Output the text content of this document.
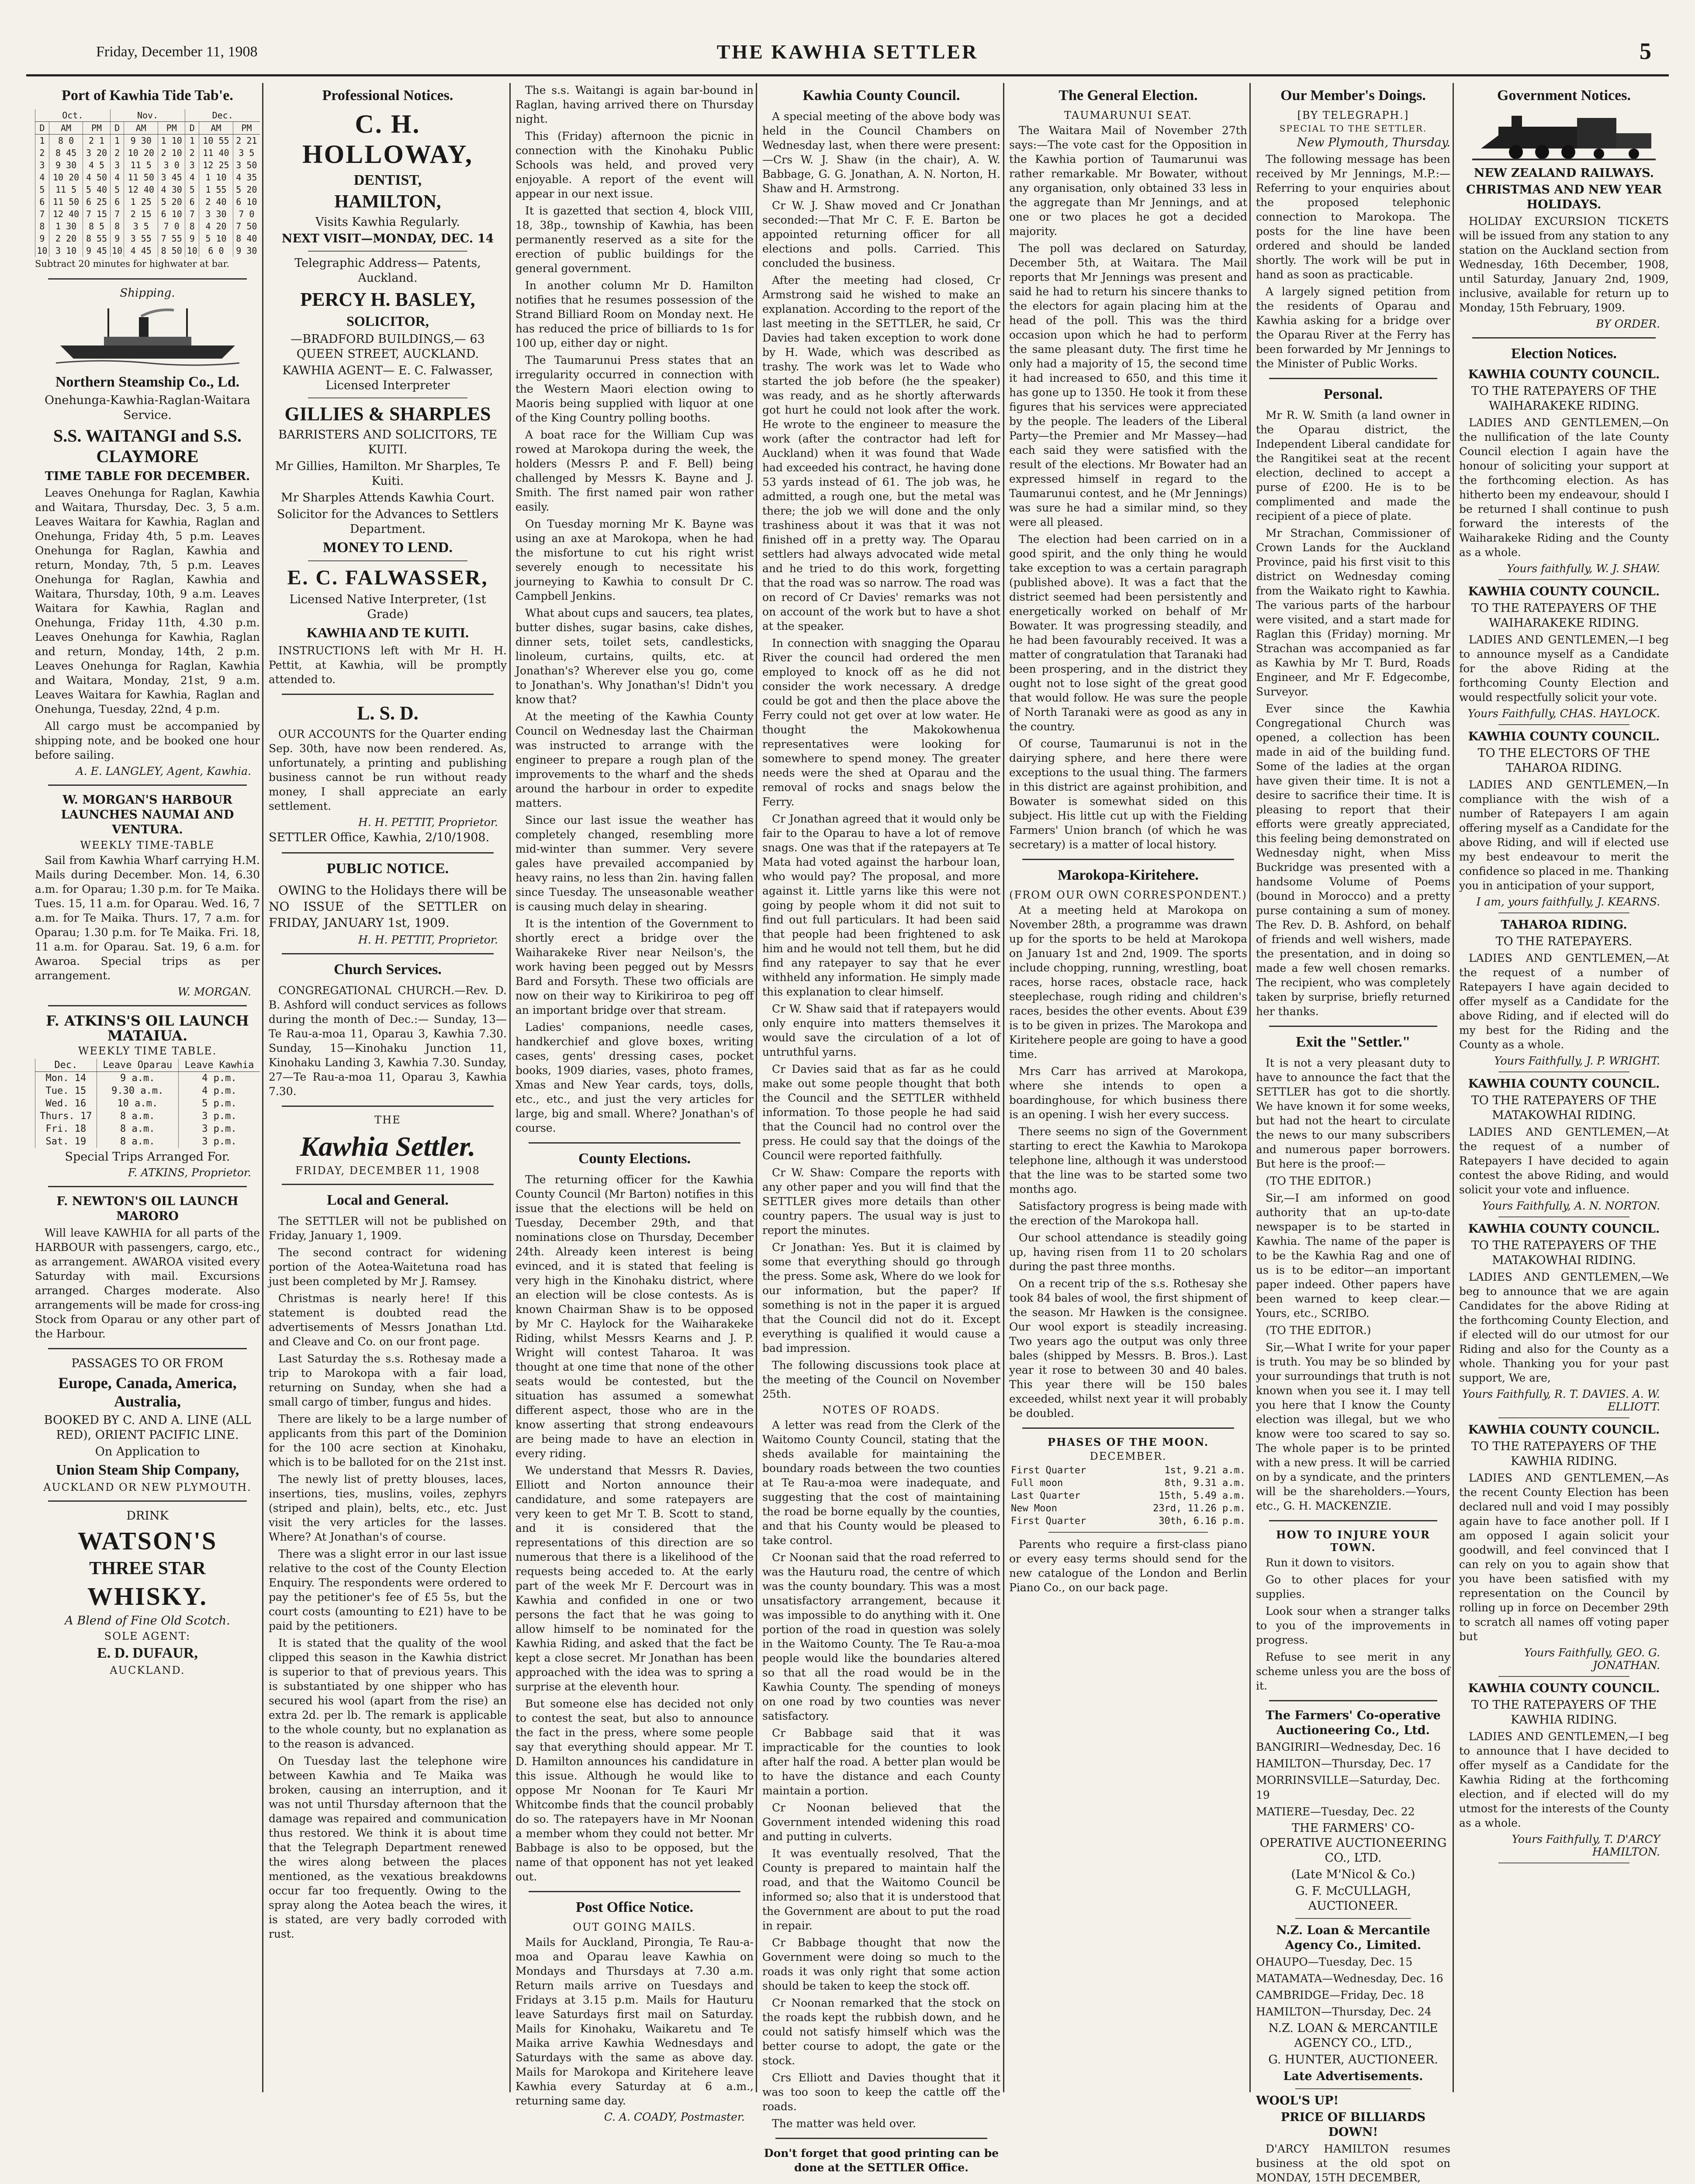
Friday, December 11, 1908	THE KAWHIA SETTLER	5
Port of Kawhia Tide Tab'e.
Oct.			Nov.			Dec.		
D	AM	PM	D	AM	PM	D	AM	PM
1	8 0	2 1	1	9 30	1 10	1	10 55	2 21
2	8 45	3 20	2	10 20	2 10	2	11 40	3 5
3	9 30	4 5	3	11 5	3 0	3	12 25	3 50
4	10 20	4 50	4	11 50	3 45	4	1 10	4 35
5	11 5	5 40	5	12 40	4 30	5	1 55	5 20
6	11 50	6 25	6	1 25	5 20	6	2 40	6 10
7	12 40	7 15	7	2 15	6 10	7	3 30	7 0
8	1 30	8 5	8	3 5	7 0	8	4 20	7 50
9	2 20	8 55	9	3 55	7 55	9	5 10	8 40
10	3 10	9 45	10	4 45	8 50	10	6 0	9 30

Subtract 20 minutes for highwater at bar.

Shipping.
Northern Steamship Co., Ld.
Onehunga-Kawhia-Raglan-Waitara Service.
S.S. WAITANGI and S.S. CLAYMORE
TIME TABLE FOR DECEMBER.

Leaves Onehunga for Raglan, Kawhia and Waitara, Thursday, Dec. 3, 5 a.m. Leaves Waitara for Kawhia, Raglan and Onehunga, Friday 4th, 5 p.m. Leaves Onehunga for Raglan, Kawhia and return, Monday, 7th, 5 p.m. Leaves Onehunga for Raglan, Kawhia and Waitara, Thursday, 10th, 9 a.m. Leaves Waitara for Kawhia, Raglan and Onehunga, Friday 11th, 4.30 p.m. Leaves Onehunga for Kawhia, Raglan and return, Monday, 14th, 2 p.m. Leaves Onehunga for Raglan, Kawhia and Waitara, Monday, 21st, 9 a.m. Leaves Waitara for Kawhia, Raglan and Onehunga, Tuesday, 22nd, 4 p.m.

All cargo must be accompanied by shipping note, and be booked one hour before sailing.

A. E. LANGLEY, Agent, Kawhia.
W. MORGAN'S HARBOUR LAUNCHES NAUMAI AND VENTURA.
WEEKLY TIME-TABLE

Sail from Kawhia Wharf carrying H.M. Mails during December. Mon. 14, 6.30 a.m. for Oparau; 1.30 p.m. for Te Maika. Tues. 15, 11 a.m. for Oparau. Wed. 16, 7 a.m. for Te Maika. Thurs. 17, 7 a.m. for Oparau; 1.30 p.m. for Te Maika. Fri. 18, 11 a.m. for Oparau. Sat. 19, 6 a.m. for Awaroa. Special trips as per arrangement.

W. MORGAN.
F. ATKINS'S OIL LAUNCH MATAIUA.
WEEKLY TIME TABLE.
Dec.	Leave Oparau	Leave Kawhia
Mon. 14	9 a.m.	4 p.m.
Tue. 15	9.30 a.m.	4 p.m.
Wed. 16	10 a.m.	5 p.m.
Thurs. 17	8 a.m.	3 p.m.
Fri. 18	8 a.m.	3 p.m.
Sat. 19	8 a.m.	3 p.m.
Special Trips Arranged For.
F. ATKINS, Proprietor.
F. NEWTON'S OIL LAUNCH MARORO

Will leave KAWHIA for all parts of the HARBOUR with passengers, cargo, etc., as arrangement. AWAROA visited every Saturday with mail. Excursions arranged. Charges moderate. Also arrangements will be made for cross-ing Stock from Oparau or any other part of the Harbour.

PASSAGES TO OR FROM
Europe, Canada, America, Australia,
BOOKED BY C. AND A. LINE (ALL RED), ORIENT PACIFIC LINE.
On Application to
Union Steam Ship Company,
AUCKLAND OR NEW PLYMOUTH.
DRINK
WATSON'S
THREE STAR
WHISKY.
A Blend of Fine Old Scotch.
SOLE AGENT:
E. D. DUFAUR,
AUCKLAND.
Professional Notices.
C. H. HOLLOWAY,
DENTIST,
HAMILTON,
Visits Kawhia Regularly.
NEXT VISIT—MONDAY, DEC. 14
Telegraphic Address— Patents, Auckland.
PERCY H. BASLEY,
SOLICITOR,
—BRADFORD BUILDINGS,— 63 QUEEN STREET, AUCKLAND.
KAWHIA AGENT— E. C. Falwasser, Licensed Interpreter
GILLIES & SHARPLES
BARRISTERS AND SOLICITORS, TE KUITI.
Mr Gillies, Hamilton. Mr Sharples, Te Kuiti.
Mr Sharples Attends Kawhia Court.
Solicitor for the Advances to Settlers Department.
MONEY TO LEND.
E. C. FALWASSER,
Licensed Native Interpreter, (1st Grade)
KAWHIA AND TE KUITI.

INSTRUCTIONS left with Mr H. H. Pettit, at Kawhia, will be promptly attended to.

L. S. D.

OUR ACCOUNTS for the Quarter ending Sep. 30th, have now been rendered. As, unfortunately, a printing and publishing business cannot be run without ready money, I shall appreciate an early settlement.

H. H. PETTIT, Proprietor.
SETTLER Office, Kawhia, 2/10/1908.
PUBLIC NOTICE.

OWING to the Holidays there will be NO ISSUE of the SETTLER on FRIDAY, JANUARY 1st, 1909.

H. H. PETTIT, Proprietor.
Church Services.

CONGREGATIONAL CHURCH.—Rev. D. B. Ashford will conduct services as follows during the month of Dec.:— Sunday, 13—Te Rau-a-moa 11, Oparau 3, Kawhia 7.30. Sunday, 15—Kinohaku Junction 11, Kinohaku Landing 3, Kawhia 7.30. Sunday, 27—Te Rau-a-moa 11, Oparau 3, Kawhia 7.30.

THE
Kawhia Settler.
FRIDAY, DECEMBER 11, 1908
Local and General.

The SETTLER will not be published on Friday, January 1, 1909.

The second contract for widening portion of the Aotea-Waitetuna road has just been completed by Mr J. Ramsey.

Christmas is nearly here! If this statement is doubted read the advertisements of Messrs Jonathan Ltd. and Cleave and Co. on our front page.

Last Saturday the s.s. Rothesay made a trip to Marokopa with a fair load, returning on Sunday, when she had a small cargo of timber, fungus and hides.

There are likely to be a large number of applicants from this part of the Dominion for the 100 acre section at Kinohaku, which is to be balloted for on the 21st inst.

The newly list of pretty blouses, laces, insertions, ties, muslins, voiles, zephyrs (striped and plain), belts, etc., etc. Just visit the very articles for the lasses. Where? At Jonathan's of course.

There was a slight error in our last issue relative to the cost of the County Election Enquiry. The respondents were ordered to pay the petitioner's fee of £5 5s, but the court costs (amounting to £21) have to be paid by the petitioners.

It is stated that the quality of the wool clipped this season in the Kawhia district is superior to that of previous years. This is substantiated by one shipper who has secured his wool (apart from the rise) an extra 2d. per lb. The remark is applicable to the whole county, but no explanation as to the reason is advanced.

On Tuesday last the telephone wire between Kawhia and Te Maika was broken, causing an interruption, and it was not until Thursday afternoon that the damage was repaired and communication thus restored. We think it is about time that the Telegraph Department renewed the wires along between the places mentioned, as the vexatious breakdowns occur far too frequently. Owing to the spray along the Aotea beach the wires, it is stated, are very badly corroded with rust.

The s.s. Waitangi is again bar-bound in Raglan, having arrived there on Thursday night.

This (Friday) afternoon the picnic in connection with the Kinohaku Public Schools was held, and proved very enjoyable. A report of the event will appear in our next issue.

It is gazetted that section 4, block VIII, 18, 38p., township of Kawhia, has been permanently reserved as a site for the erection of public buildings for the general government.

In another column Mr D. Hamilton notifies that he resumes possession of the Strand Billiard Room on Monday next. He has reduced the price of billiards to 1s for 100 up, either day or night.

The Taumarunui Press states that an irregularity occurred in connection with the Western Maori election owing to Maoris being supplied with liquor at one of the King Country polling booths.

A boat race for the William Cup was rowed at Marokopa during the week, the holders (Messrs P. and F. Bell) being challenged by Messrs K. Bayne and J. Smith. The first named pair won rather easily.

On Tuesday morning Mr K. Bayne was using an axe at Marokopa, when he had the misfortune to cut his right wrist severely enough to necessitate his journeying to Kawhia to consult Dr C. Campbell Jenkins.

What about cups and saucers, tea plates, butter dishes, sugar basins, cake dishes, dinner sets, toilet sets, candlesticks, linoleum, curtains, quilts, etc. at Jonathan's? Wherever else you go, come to Jonathan's. Why Jonathan's! Didn't you know that?

At the meeting of the Kawhia County Council on Wednesday last the Chairman was instructed to arrange with the engineer to prepare a rough plan of the improvements to the wharf and the sheds around the harbour in order to expedite matters.

Since our last issue the weather has completely changed, resembling more mid-winter than summer. Very severe gales have prevailed accompanied by heavy rains, no less than 2in. having fallen since Tuesday. The unseasonable weather is causing much delay in shearing.

It is the intention of the Government to shortly erect a bridge over the Waiharakeke River near Neilson's, the work having been pegged out by Messrs Bard and Forsyth. These two officials are now on their way to Kirikiriroa to peg off an important bridge over that stream.

Ladies' companions, needle cases, handkerchief and glove boxes, writing cases, gents' dressing cases, pocket books, 1909 diaries, vases, photo frames, Xmas and New Year cards, toys, dolls, etc., etc., and just the very articles for large, big and small. Where? Jonathan's of course.

County Elections.

The returning officer for the Kawhia County Council (Mr Barton) notifies in this issue that the elections will be held on Tuesday, December 29th, and that nominations close on Thursday, December 24th. Already keen interest is being evinced, and it is stated that feeling is very high in the Kinohaku district, where an election will be close contests. As is known Chairman Shaw is to be opposed by Mr C. Haylock for the Waiharakeke Riding, whilst Messrs Kearns and J. P. Wright will contest Taharoa. It was thought at one time that none of the other seats would be contested, but the situation has assumed a somewhat different aspect, those who are in the know asserting that strong endeavours are being made to have an election in every riding.

We understand that Messrs R. Davies, Elliott and Norton announce their candidature, and some ratepayers are very keen to get Mr T. B. Scott to stand, and it is considered that the representations of this direction are so numerous that there is a likelihood of the requests being acceded to. At the early part of the week Mr F. Dercourt was in Kawhia and confided in one or two persons the fact that he was going to allow himself to be nominated for the Kawhia Riding, and asked that the fact be kept a close secret. Mr Jonathan has been approached with the idea was to spring a surprise at the eleventh hour.

But someone else has decided not only to contest the seat, but also to announce the fact in the press, where some people say that everything should appear. Mr T. D. Hamilton announces his candidature in this issue. Although he would like to oppose Mr Noonan for Te Kauri Mr Whitcombe finds that the council probably do so. The ratepayers have in Mr Noonan a member whom they could not better. Mr Babbage is also to be opposed, but the name of that opponent has not yet leaked out.

Post Office Notice.
OUT GOING MAILS.

Mails for Auckland, Pirongia, Te Rau-a-moa and Oparau leave Kawhia on Mondays and Thursdays at 7.30 a.m. Return mails arrive on Tuesdays and Fridays at 3.15 p.m. Mails for Hauturu leave Saturdays first mail on Saturday. Mails for Kinohaku, Waikaretu and Te Maika arrive Kawhia Wednesdays and Saturdays with the same as above day. Mails for Marokopa and Kiritehere leave Kawhia every Saturday at 6 a.m., returning same day.

C. A. COADY, Postmaster.
Kawhia County Council.

A special meeting of the above body was held in the Council Chambers on Wednesday last, when there were present:—Crs W. J. Shaw (in the chair), A. W. Babbage, G. G. Jonathan, A. N. Norton, H. Shaw and H. Armstrong.

Cr W. J. Shaw moved and Cr Jonathan seconded:—That Mr C. F. E. Barton be appointed returning officer for all elections and polls. Carried. This concluded the business.

After the meeting had closed, Cr Armstrong said he wished to make an explanation. According to the report of the last meeting in the SETTLER, he said, Cr Davies had taken exception to work done by H. Wade, which was described as trashy. The work was let to Wade who started the job before (he the speaker) was ready, and as he shortly afterwards got hurt he could not look after the work. He wrote to the engineer to measure the work (after the contractor had left for Auckland) when it was found that Wade had exceeded his contract, he having done 53 yards instead of 61. The job was, he admitted, a rough one, but the metal was there; the job we will done and the only trashiness about it was that it was not finished off in a pretty way. The Oparau settlers had always advocated wide metal and he tried to do this work, forgetting that the road was so narrow. The road was on record of Cr Davies' remarks was not on account of the work but to have a shot at the speaker.

In connection with snagging the Oparau River the council had ordered the men employed to knock off as he did not consider the work necessary. A dredge could be got and then the place above the Ferry could not get over at low water. He thought the Makokowhenua representatives were looking for somewhere to spend money. The greater needs were the shed at Oparau and the removal of rocks and snags below the Ferry.

Cr Jonathan agreed that it would only be fair to the Oparau to have a lot of remove snags. One was that if the ratepayers at Te Mata had voted against the harbour loan, who would pay? The proposal, and more against it. Little yarns like this were not going by people whom it did not suit to find out full particulars. It had been said that people had been frightened to ask him and he would not tell them, but he did find any ratepayer to say that he ever withheld any information. He simply made this explanation to clear himself.

Cr W. Shaw said that if ratepayers would only enquire into matters themselves it would save the circulation of a lot of untruthful yarns.

Cr Davies said that as far as he could make out some people thought that both the Council and the SETTLER withheld information. To those people he had said that the Council had no control over the press. He could say that the doings of the Council were reported faithfully.

Cr W. Shaw: Compare the reports with any other paper and you will find that the SETTLER gives more details than other country papers. The usual way is just to report the minutes.

Cr Jonathan: Yes. But it is claimed by some that everything should go through the press. Some ask, Where do we look for our information, but the paper? If something is not in the paper it is argued that the Council did not do it. Except everything is qualified it would cause a bad impression.

The following discussions took place at the meeting of the Council on November 25th.

NOTES OF ROADS.

A letter was read from the Clerk of the Waitomo County Council, stating that the sheds available for maintaining the boundary roads between the two counties at Te Rau-a-moa were inadequate, and suggesting that the cost of maintaining the road be borne equally by the counties, and that his County would be pleased to take control.

Cr Noonan said that the road referred to was the Hauturu road, the centre of which was the county boundary. This was a most unsatisfactory arrangement, because it was impossible to do anything with it. One portion of the road in question was solely in the Waitomo County. The Te Rau-a-moa people would like the boundaries altered so that all the road would be in the Kawhia County. The spending of moneys on one road by two counties was never satisfactory.

Cr Babbage said that it was impracticable for the counties to look after half the road. A better plan would be to have the distance and each County maintain a portion.

Cr Noonan believed that the Government intended widening this road and putting in culverts.

It was eventually resolved, That the County is prepared to maintain half the road, and that the Waitomo Council be informed so; also that it is understood that the Government are about to put the road in repair.

Cr Babbage thought that now the Government were doing so much to the roads it was only right that some action should be taken to keep the stock off.

Cr Noonan remarked that the stock on the roads kept the rubbish down, and he could not satisfy himself which was the better course to adopt, the gate or the stock.

Crs Elliott and Davies thought that it was too soon to keep the cattle off the roads.

The matter was held over.

Don't forget that good printing can be done at the SETTLER Office.

The General Election.
TAUMARUNUI SEAT.

The Waitara Mail of November 27th says:—The vote cast for the Opposition in the Kawhia portion of Taumarunui was rather remarkable. Mr Bowater, without any organisation, only obtained 33 less in the aggregate than Mr Jennings, and at one or two places he got a decided majority.

The poll was declared on Saturday, December 5th, at Waitara. The Mail reports that Mr Jennings was present and said he had to return his sincere thanks to the electors for again placing him at the head of the poll. This was the third occasion upon which he had to perform the same pleasant duty. The first time he only had a majority of 15, the second time it had increased to 650, and this time it has gone up to 1350. He took it from these figures that his services were appreciated by the people. The leaders of the Liberal Party—the Premier and Mr Massey—had each said they were satisfied with the result of the elections. Mr Bowater had an expressed himself in regard to the Taumarunui contest, and he (Mr Jennings) was sure he had a similar mind, so they were all pleased.

The election had been carried on in a good spirit, and the only thing he would take exception to was a certain paragraph (published above). It was a fact that the district seemed had been persistently and energetically worked on behalf of Mr Bowater. It was progressing steadily, and he had been favourably received. It was a matter of congratulation that Taranaki had been prospering, and in the district they ought not to lose sight of the great good that would follow. He was sure the people of North Taranaki were as good as any in the country.

Of course, Taumarunui is not in the dairying sphere, and here there were exceptions to the usual thing. The farmers in this district are against prohibition, and Bowater is somewhat sided on this subject. His little cut up with the Fielding Farmers' Union branch (of which he was secretary) is a matter of local history.

Marokopa-Kiritehere.
(FROM OUR OWN CORRESPONDENT.)

At a meeting held at Marokopa on November 28th, a programme was drawn up for the sports to be held at Marokopa on January 1st and 2nd, 1909. The sports include chopping, running, wrestling, boat races, horse races, obstacle race, hack steeplechase, rough riding and children's races, besides the other events. About £39 is to be given in prizes. The Marokopa and Kiritehere people are going to have a good time.

Mrs Carr has arrived at Marokopa, where she intends to open a boardinghouse, for which business there is an opening. I wish her every success.

There seems no sign of the Government starting to erect the Kawhia to Marokopa telephone line, although it was understood that the line was to be started some two months ago.

Satisfactory progress is being made with the erection of the Marokopa hall.

Our school attendance is steadily going up, having risen from 11 to 20 scholars during the past three months.

On a recent trip of the s.s. Rothesay she took 84 bales of wool, the first shipment of the season. Mr Hawken is the consignee. Our wool export is steadily increasing. Two years ago the output was only three bales (shipped by Messrs. B. Bros.). Last year it rose to between 30 and 40 bales. This year there will be 150 bales exceeded, whilst next year it will probably be doubled.

PHASES OF THE MOON.
DECEMBER.
First Quarter	1st, 9.21 a.m.
Full moon	8th, 9.31 a.m.
Last Quarter	15th, 5.49 a.m.
New Moon	23rd, 11.26 p.m.
First Quarter	30th, 6.16 p.m.

Parents who require a first-class piano or every easy terms should send for the new catalogue of the London and Berlin Piano Co., on our back page.

Our Member's Doings.
[BY TELEGRAPH.]
SPECIAL TO THE SETTLER.
New Plymouth, Thursday.

The following message has been received by Mr Jennings, M.P.:—Referring to your enquiries about the proposed telephonic connection to Marokopa. The posts for the line have been ordered and should be landed shortly. The work will be put in hand as soon as practicable.

A largely signed petition from the residents of Oparau and Kawhia asking for a bridge over the Oparau River at the Ferry has been forwarded by Mr Jennings to the Minister of Public Works.

Personal.

Mr R. W. Smith (a land owner in the Oparau district, the Independent Liberal candidate for the Rangitikei seat at the recent election, declined to accept a purse of £200. He is to be complimented and made the recipient of a piece of plate.

Mr Strachan, Commissioner of Crown Lands for the Auckland Province, paid his first visit to this district on Wednesday coming from the Waikato right to Kawhia. The various parts of the harbour were visited, and a start made for Raglan this (Friday) morning. Mr Strachan was accompanied as far as Kawhia by Mr T. Burd, Roads Engineer, and Mr F. Edgecombe, Surveyor.

Ever since the Kawhia Congregational Church was opened, a collection has been made in aid of the building fund. Some of the ladies at the organ have given their time. It is not a desire to sacrifice their time. It is pleasing to report that their efforts were greatly appreciated, this feeling being demonstrated on Wednesday night, when Miss Buckridge was presented with a handsome Volume of Poems (bound in Morocco) and a pretty purse containing a sum of money. The Rev. D. B. Ashford, on behalf of friends and well wishers, made the presentation, and in doing so made a few well chosen remarks. The recipient, who was completely taken by surprise, briefly returned her thanks.

Exit the "Settler."

It is not a very pleasant duty to have to announce the fact that the SETTLER has got to die shortly. We have known it for some weeks, but had not the heart to circulate the news to our many subscribers and numerous paper borrowers. But here is the proof:—

(TO THE EDITOR.)

Sir,—I am informed on good authority that an up-to-date newspaper is to be started in Kawhia. The name of the paper is to be the Kawhia Rag and one of us is to be editor—an important paper indeed. Other papers have been warned to keep clear.—Yours, etc., SCRIBO.

(TO THE EDITOR.)

Sir,—What I write for your paper is truth. You may be so blinded by your surroundings that truth is not known when you see it. I may tell you here that I know the County election was illegal, but we who know were too scared to say so. The whole paper is to be printed with a new press. It will be carried on by a syndicate, and the printers will be the shareholders.—Yours, etc., G. H. MACKENZIE.

HOW TO INJURE YOUR TOWN.

Run it down to visitors.

Go to other places for your supplies.

Look sour when a stranger talks to you of the improvements in progress.

Refuse to see merit in any scheme unless you are the boss of it.

The Farmers' Co-operative Auctioneering Co., Ltd.
BANGIRIRI—Wednesday, Dec. 16
HAMILTON—Thursday, Dec. 17
MORRINSVILLE—Saturday, Dec. 19
MATIERE—Tuesday, Dec. 22
THE FARMERS' CO-OPERATIVE AUCTIONEERING CO., LTD.
(Late M'Nicol & Co.)
G. F. McCULLAGH, AUCTIONEER.
N.Z. Loan & Mercantile Agency Co., Limited.
OHAUPO—Tuesday, Dec. 15
MATAMATA—Wednesday, Dec. 16
CAMBRIDGE—Friday, Dec. 18
HAMILTON—Thursday, Dec. 24
N.Z. LOAN & MERCANTILE AGENCY CO., LTD.,
G. HUNTER, AUCTIONEER.
Late Advertisements.
WOOL'S UP!
PRICE OF BILLIARDS DOWN!

D'ARCY HAMILTON resumes business at the old spot on MONDAY, 15TH DECEMBER,

Government Notices.
NEW ZEALAND RAILWAYS.
CHRISTMAS AND NEW YEAR HOLIDAYS.

HOLIDAY EXCURSION TICKETS will be issued from any station to any station on the Auckland section from Wednesday, 16th December, 1908, until Saturday, January 2nd, 1909, inclusive, available for return up to Monday, 15th February, 1909.

BY ORDER.
Election Notices.
KAWHIA COUNTY COUNCIL.
TO THE RATEPAYERS OF THE WAIHARAKEKE RIDING.

LADIES AND GENTLEMEN,—On the nullification of the late County Council election I again have the honour of soliciting your support at the forthcoming election. As has hitherto been my endeavour, should I be returned I shall continue to push forward the interests of the Waiharakeke Riding and the County as a whole.

Yours faithfully, W. J. SHAW.
KAWHIA COUNTY COUNCIL.
TO THE RATEPAYERS OF THE WAIHARAKEKE RIDING.

LADIES AND GENTLEMEN,—I beg to announce myself as a Candidate for the above Riding at the forthcoming County Election and would respectfully solicit your vote.

Yours Faithfully, CHAS. HAYLOCK.
KAWHIA COUNTY COUNCIL.
TO THE ELECTORS OF THE TAHAROA RIDING.

LADIES AND GENTLEMEN,—In compliance with the wish of a number of Ratepayers I am again offering myself as a Candidate for the above Riding, and will if elected use my best endeavour to merit the confidence so placed in me. Thanking you in anticipation of your support,

I am, yours faithfully, J. KEARNS.
TAHAROA RIDING.
TO THE RATEPAYERS.

LADIES AND GENTLEMEN,—At the request of a number of Ratepayers I have again decided to offer myself as a Candidate for the above Riding, and if elected will do my best for the Riding and the County as a whole.

Yours Faithfully, J. P. WRIGHT.
KAWHIA COUNTY COUNCIL.
TO THE RATEPAYERS OF THE MATAKOWHAI RIDING.

LADIES AND GENTLEMEN,—At the request of a number of Ratepayers I have decided to again contest the above Riding, and would solicit your vote and influence.

Yours Faithfully, A. N. NORTON.
KAWHIA COUNTY COUNCIL.
TO THE RATEPAYERS OF THE MATAKOWHAI RIDING.

LADIES AND GENTLEMEN,—We beg to announce that we are again Candidates for the above Riding at the forthcoming County Election, and if elected will do our utmost for our Riding and also for the County as a whole. Thanking you for your past support, We are,

Yours Faithfully, R. T. DAVIES. A. W. ELLIOTT.
KAWHIA COUNTY COUNCIL.
TO THE RATEPAYERS OF THE KAWHIA RIDING.

LADIES AND GENTLEMEN,—As the recent County Election has been declared null and void I may possibly again have to face another poll. If I am opposed I again solicit your goodwill, and feel convinced that I can rely on you to again show that you have been satisfied with my representation on the Council by rolling up in force on December 29th to scratch all names off voting paper but

Yours Faithfully, GEO. G. JONATHAN.
KAWHIA COUNTY COUNCIL.
TO THE RATEPAYERS OF THE KAWHIA RIDING.

LADIES AND GENTLEMEN,—I beg to announce that I have decided to offer myself as a Candidate for the Kawhia Riding at the forthcoming election, and if elected will do my utmost for the interests of the County as a whole.

Yours Faithfully, T. D'ARCY HAMILTON.
